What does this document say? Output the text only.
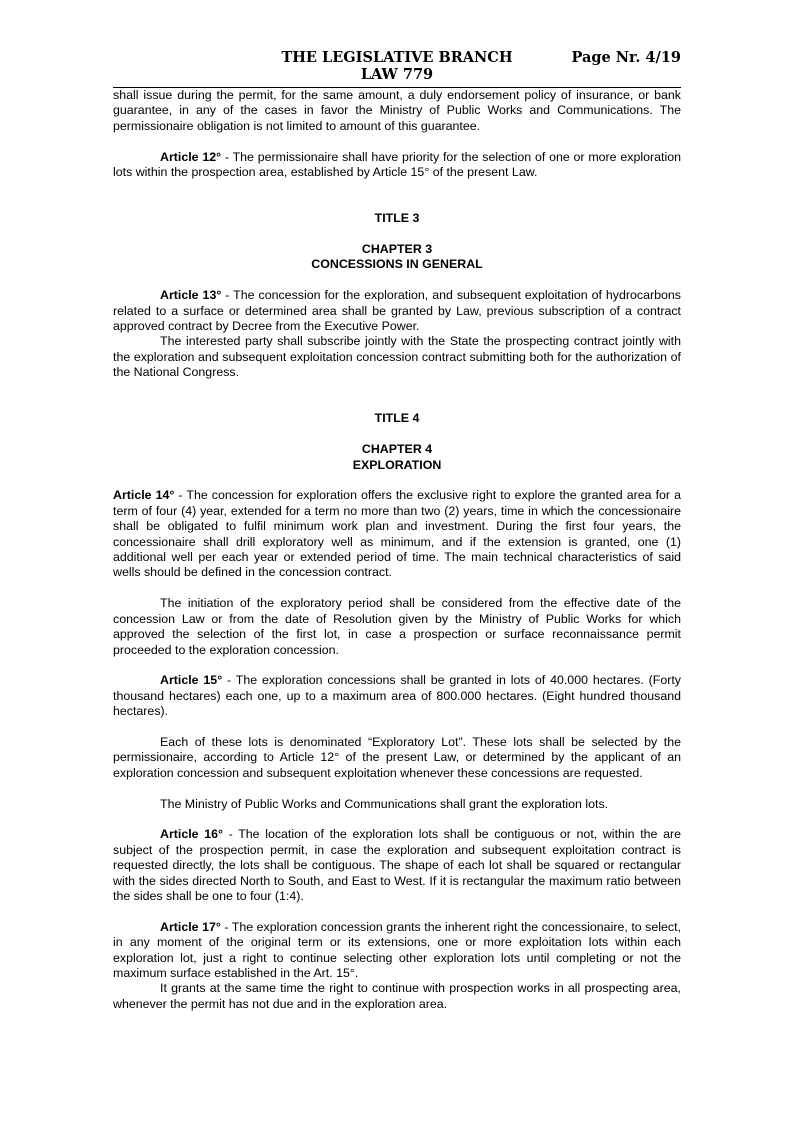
THE LEGISLATIVE BRANCH
LAW 779
Page Nr. 4/19

shall issue during the permit, for the same amount, a duly endorsement policy of insurance, or bank guarantee, in any of the cases in favor the Ministry of Public Works and Communications. The permissionaire obligation is not limited to amount of this guarantee.

Article 12° - The permissionaire shall have priority for the selection of one or more exploration lots within the prospection area, established by Article 15° of the present Law.

TITLE 3

CHAPTER 3

CONCESSIONS IN GENERAL

Article 13° - The concession for the exploration, and subsequent exploitation of hydrocarbons related to a surface or determined area shall be granted by Law, previous subscription of a contract approved contract by Decree from the Executive Power.

The interested party shall subscribe jointly with the State the prospecting contract jointly with the exploration and subsequent exploitation concession contract submitting both for the authorization of the National Congress.

TITLE 4

CHAPTER 4

EXPLORATION

Article 14° - The concession for exploration offers the exclusive right to explore the granted area for a term of four (4) year, extended for a term no more than two (2) years, time in which the concessionaire shall be obligated to fulfil minimum work plan and investment. During the first four years, the concessionaire shall drill exploratory well as minimum, and if the extension is granted, one (1) additional well per each year or extended period of time. The main technical characteristics of said wells should be defined in the concession contract.

The initiation of the exploratory period shall be considered from the effective date of the concession Law or from the date of Resolution given by the Ministry of Public Works for which approved the selection of the first lot, in case a prospection or surface reconnaissance permit proceeded to the exploration concession.

Article 15° - The exploration concessions shall be granted in lots of 40.000 hectares. (Forty thousand hectares) each one, up to a maximum area of 800.000 hectares. (Eight hundred thousand hectares).

Each of these lots is denominated “Exploratory Lot”. These lots shall be selected by the permissionaire, according to Article 12° of the present Law, or determined by the applicant of an exploration concession and subsequent exploitation whenever these concessions are requested.

The Ministry of Public Works and Communications shall grant the exploration lots.

Article 16° - The location of the exploration lots shall be contiguous or not, within the are subject of the prospection permit, in case the exploration and subsequent exploitation contract is requested directly, the lots shall be contiguous. The shape of each lot shall be squared or rectangular with the sides directed North to South, and East to West. If it is rectangular the maximum ratio between the sides shall be one to four (1:4).

Article 17° - The exploration concession grants the inherent right the concessionaire, to select, in any moment of the original term or its extensions, one or more exploitation lots within each exploration lot, just a right to continue selecting other exploration lots until completing or not the maximum surface established in the Art. 15°.

It grants at the same time the right to continue with prospection works in all prospecting area, whenever the permit has not due and in the exploration area.
